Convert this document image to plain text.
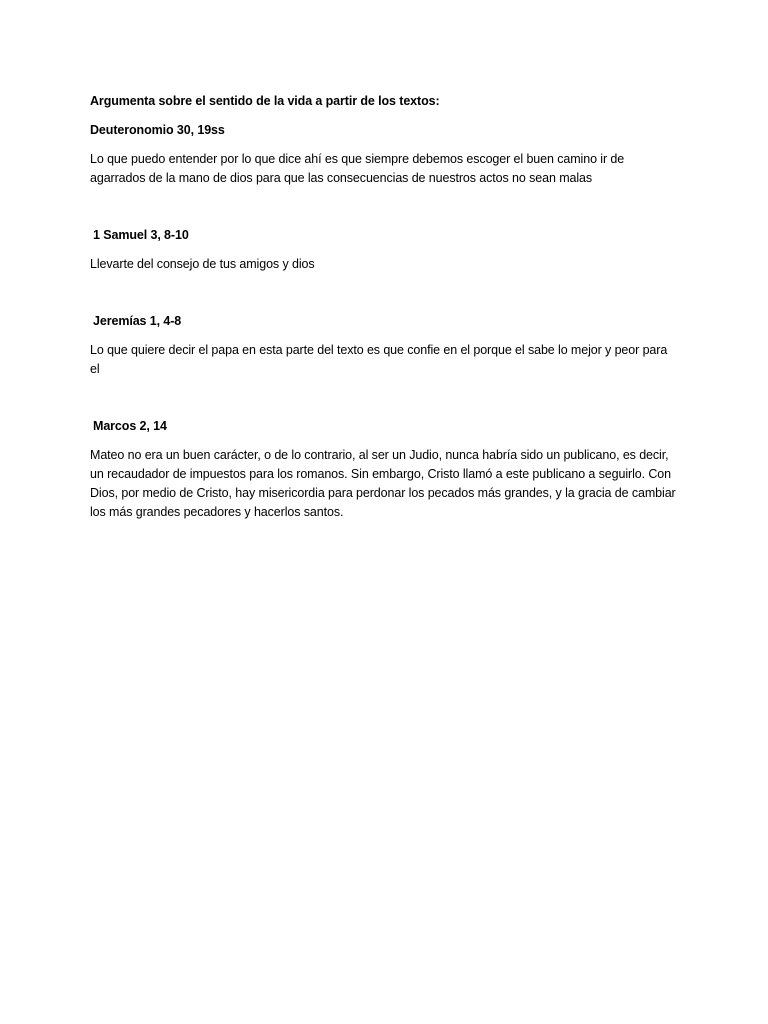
Argumenta sobre el sentido de la vida a partir de los textos:

Deuteronomio 30, 19ss

Lo que puedo entender por lo que dice ahí es que siempre debemos escoger el buen camino ir de agarrados de la mano de dios para que las consecuencias de nuestros actos no sean malas

1 Samuel 3, 8-10

Llevarte del consejo de tus amigos y dios

Jeremías 1, 4-8

Lo que quiere decir el papa en esta parte del texto es que confie en el porque el sabe lo mejor y peor para el

Marcos 2, 14

Mateo no era un buen carácter, o de lo contrario, al ser un Judio, nunca habría sido un publicano, es decir, un recaudador de impuestos para los romanos. Sin embargo, Cristo llamó a este publicano a seguirlo. Con Dios, por medio de Cristo, hay misericordia para perdonar los pecados más grandes, y la gracia de cambiar los más grandes pecadores y hacerlos santos.
